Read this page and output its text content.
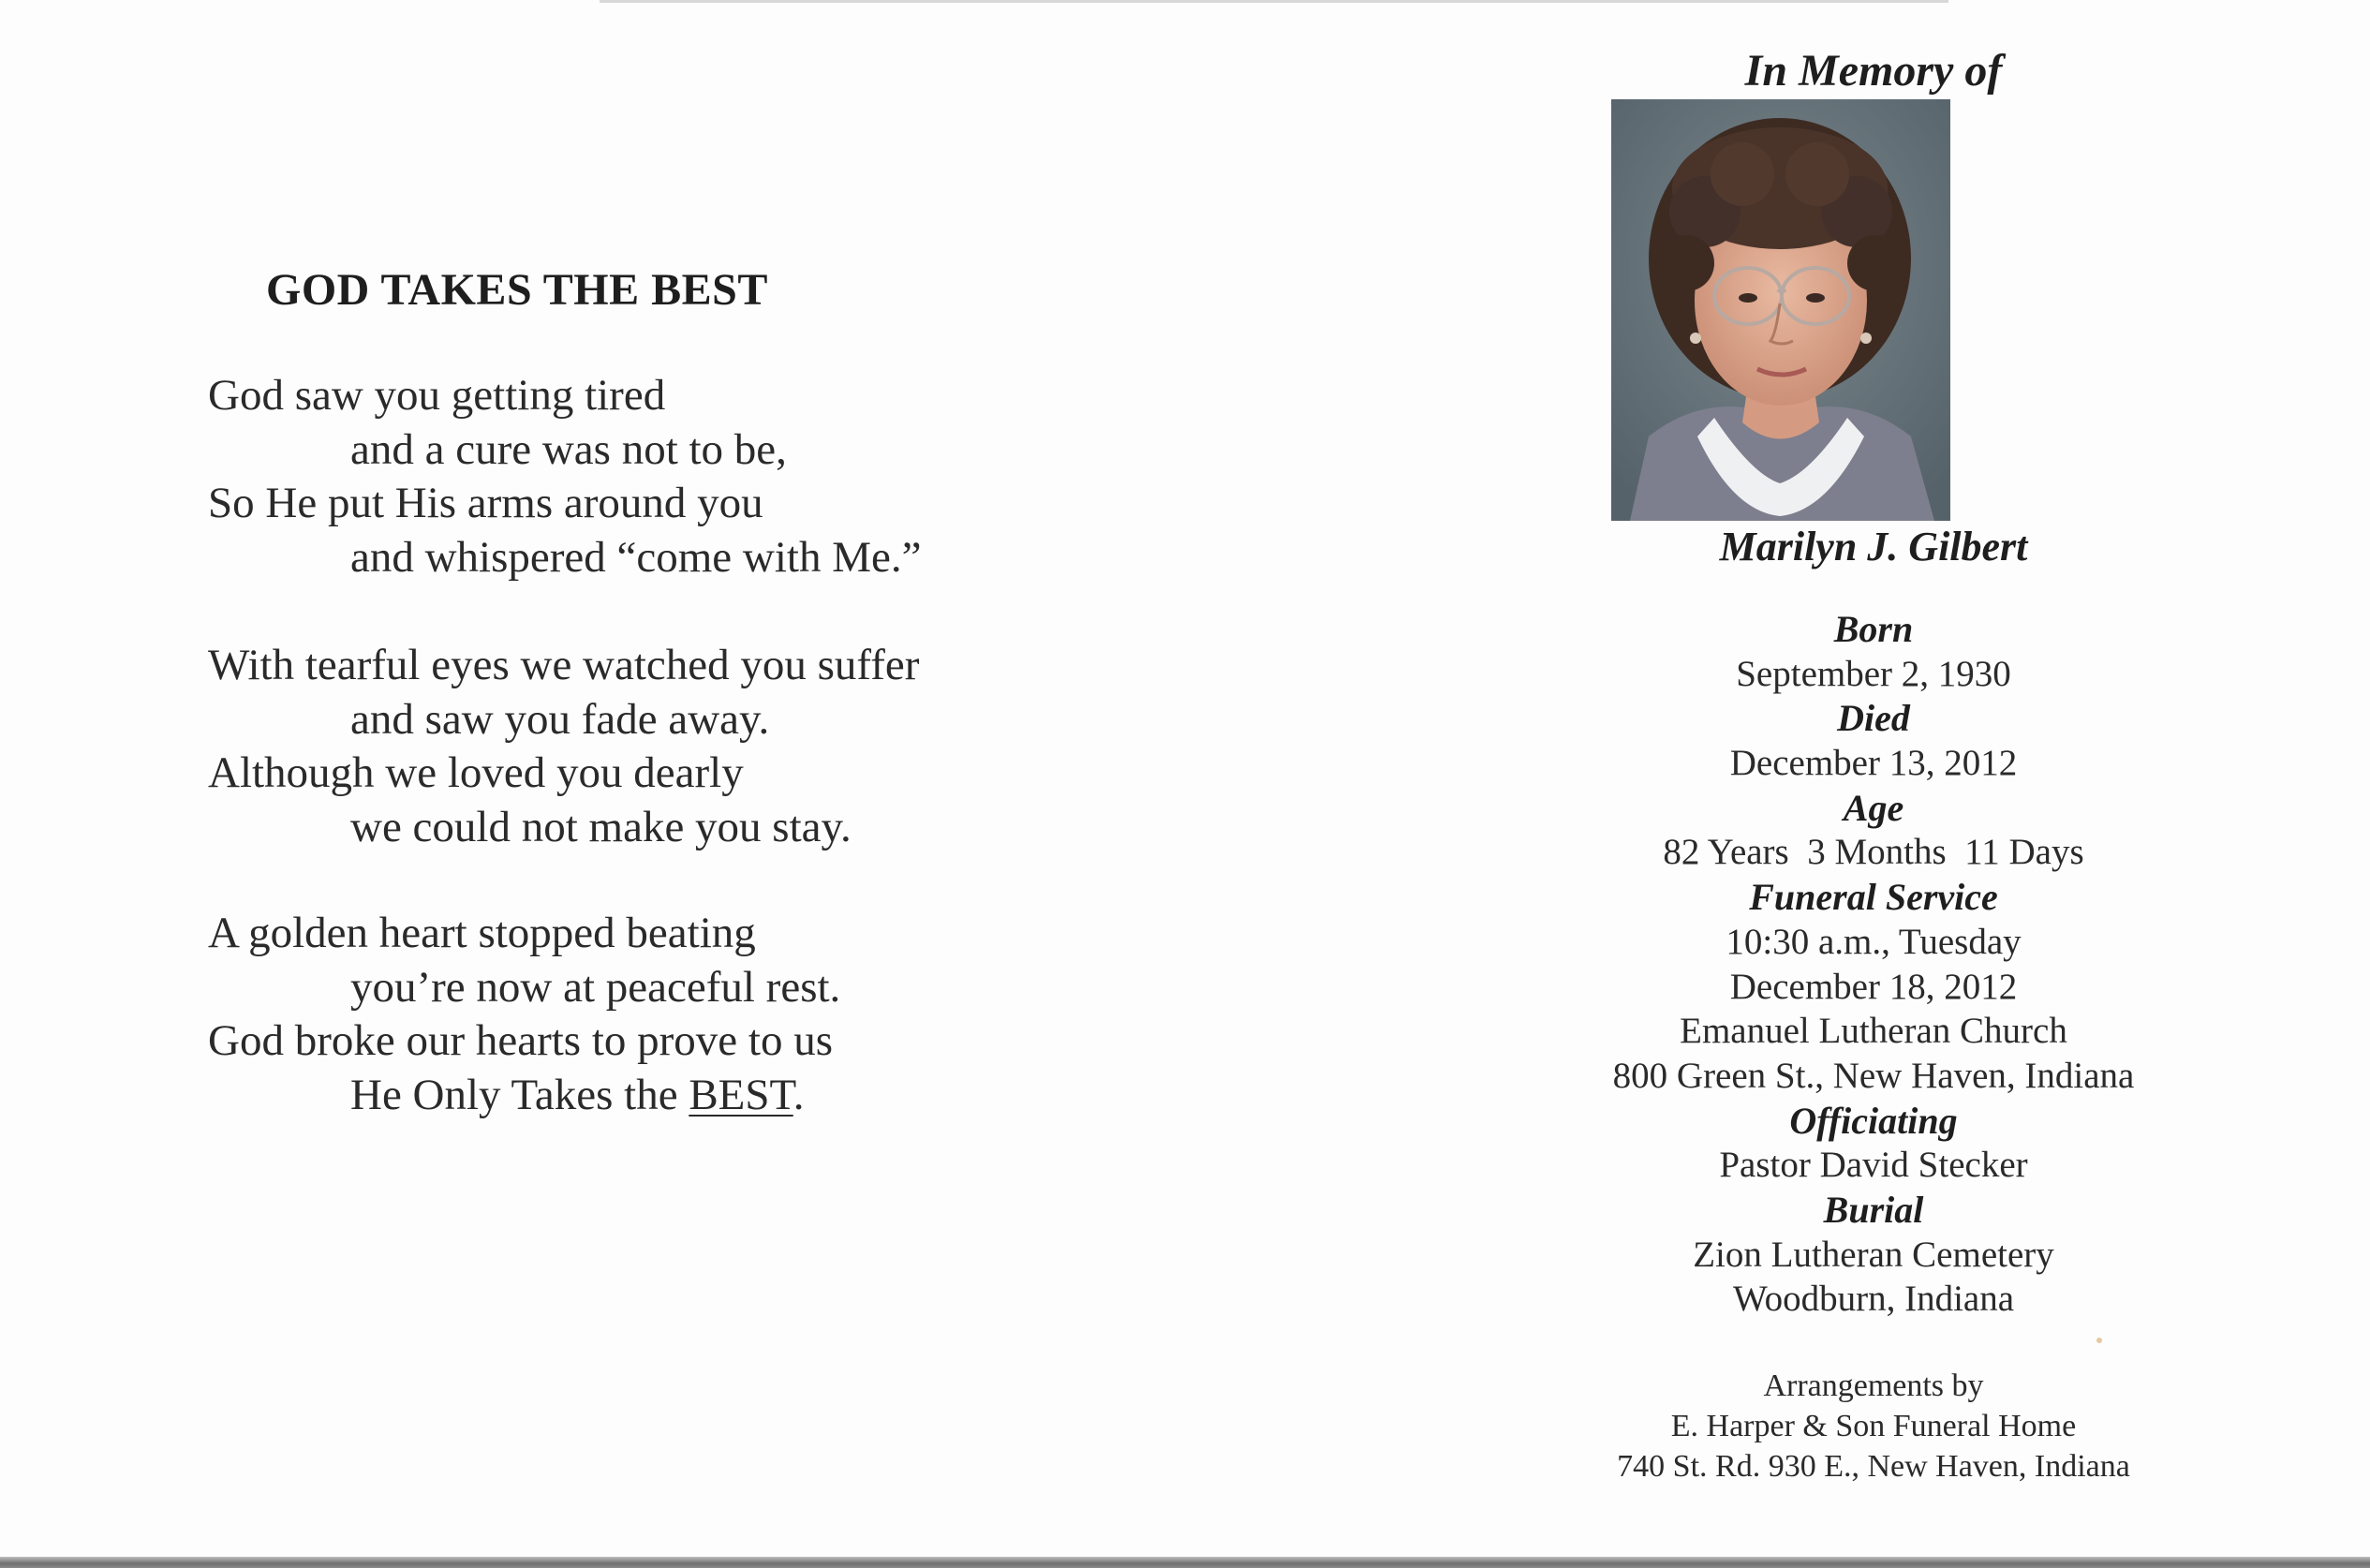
GOD TAKES THE BEST
God saw you getting tired
and a cure was not to be,
So He put His arms around you
and whispered “come with Me.”
With tearful eyes we watched you suffer
and saw you fade away.
Although we loved you dearly
we could not make you stay.
A golden heart stopped beating
you’re now at peaceful rest.
God broke our hearts to prove to us
He Only Takes the BEST.
In Memory of
Marilyn J. Gilbert
Born
September 2, 1930
Died
December 13, 2012
Age
82 Years  3 Months  11 Days
Funeral Service
10:30 a.m., Tuesday
December 18, 2012
Emanuel Lutheran Church
800 Green St., New Haven, Indiana
Officiating
Pastor David Stecker
Burial
Zion Lutheran Cemetery
Woodburn, Indiana
Arrangements by
E. Harper & Son Funeral Home
740 St. Rd. 930 E., New Haven, Indiana
